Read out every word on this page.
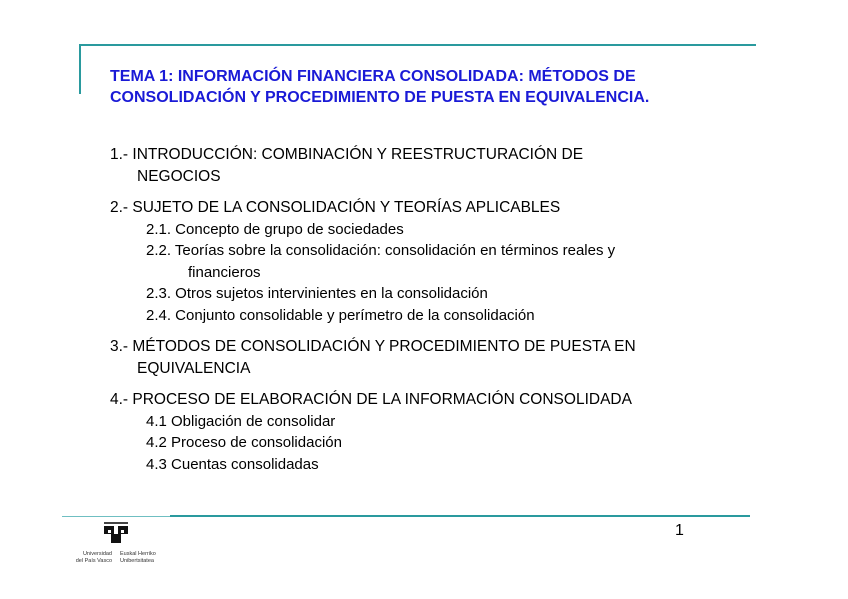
TEMA 1: INFORMACIÓN FINANCIERA CONSOLIDADA: MÉTODOS DE
CONSOLIDACIÓN Y PROCEDIMIENTO DE PUESTA EN EQUIVALENCIA.
1.- INTRODUCCIÓN: COMBINACIÓN Y REESTRUCTURACIÓN DE
NEGOCIOS
2.- SUJETO DE LA CONSOLIDACIÓN Y TEORÍAS APLICABLES
2.1. Concepto de grupo de sociedades
2.2. Teorías sobre la consolidación: consolidación en términos reales y
financieros
2.3. Otros sujetos intervinientes en la consolidación
2.4. Conjunto consolidable y perímetro de la consolidación
3.- MÉTODOS DE CONSOLIDACIÓN Y PROCEDIMIENTO DE PUESTA EN
EQUIVALENCIA
4.- PROCESO DE ELABORACIÓN DE LA INFORMACIÓN CONSOLIDADA
4.1 Obligación de consolidar
4.2 Proceso de consolidación
4.3 Cuentas consolidadas
1
Universidad
del País Vasco
Euskal Herriko
Unibertsitatea
